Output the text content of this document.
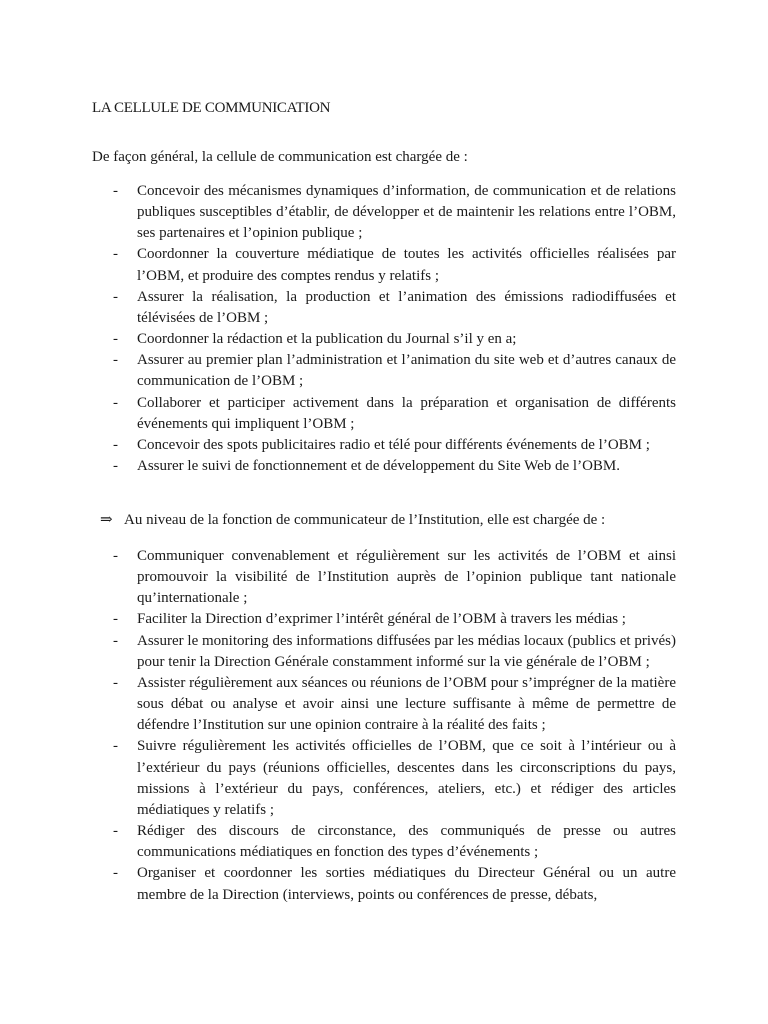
LA CELLULE DE COMMUNICATION
De façon général, la cellule de communication est chargée de :
-	Concevoir des mécanismes dynamiques d’information, de communication et de relations publiques susceptibles d’établir, de développer et de maintenir les relations entre l’OBM, ses partenaires et l’opinion publique ;
-	Coordonner la couverture médiatique de toutes les activités officielles réalisées par l’OBM, et produire des comptes rendus y relatifs ;
-	Assurer la réalisation, la production et l’animation des émissions radiodiffusées et télévisées de l’OBM ;
-	Coordonner la rédaction et la publication du Journal s’il y en a;
-	Assurer au premier plan l’administration et l’animation du site web et d’autres canaux de communication de l’OBM ;
-	Collaborer et participer activement dans la préparation et organisation de différents événements qui impliquent l’OBM ;
-	Concevoir des spots publicitaires radio et télé pour différents événements de l’OBM ;
-	Assurer le suivi de fonctionnement et de développement du Site Web de l’OBM.
⇒ Au niveau de la fonction de communicateur de l’Institution, elle est chargée de :
-	Communiquer convenablement et régulièrement sur les activités de l’OBM et ainsi promouvoir la visibilité de l’Institution auprès de l’opinion publique tant nationale qu’internationale ;
-	Faciliter la Direction d’exprimer l’intérêt général de l’OBM à travers les médias ;
-	Assurer le monitoring des informations diffusées par les médias locaux (publics et privés) pour tenir la Direction Générale constamment informé sur la vie générale de l’OBM ;
-	Assister régulièrement aux séances ou réunions de l’OBM pour s’imprégner de la matière sous débat ou analyse et avoir ainsi une lecture suffisante à même de permettre de défendre l’Institution sur une opinion contraire à la réalité des faits ;
-	Suivre régulièrement les activités officielles de l’OBM, que ce soit à l’intérieur ou à l’extérieur du pays (réunions officielles, descentes dans les circonscriptions du pays, missions à l’extérieur du pays, conférences, ateliers, etc.) et rédiger des articles médiatiques y relatifs ;
-	Rédiger des discours de circonstance, des communiqués de presse ou autres communications médiatiques en fonction des types d’événements ;
-	Organiser et coordonner les sorties médiatiques du Directeur Général ou un autre membre de la Direction (interviews, points ou conférences de presse, débats,
